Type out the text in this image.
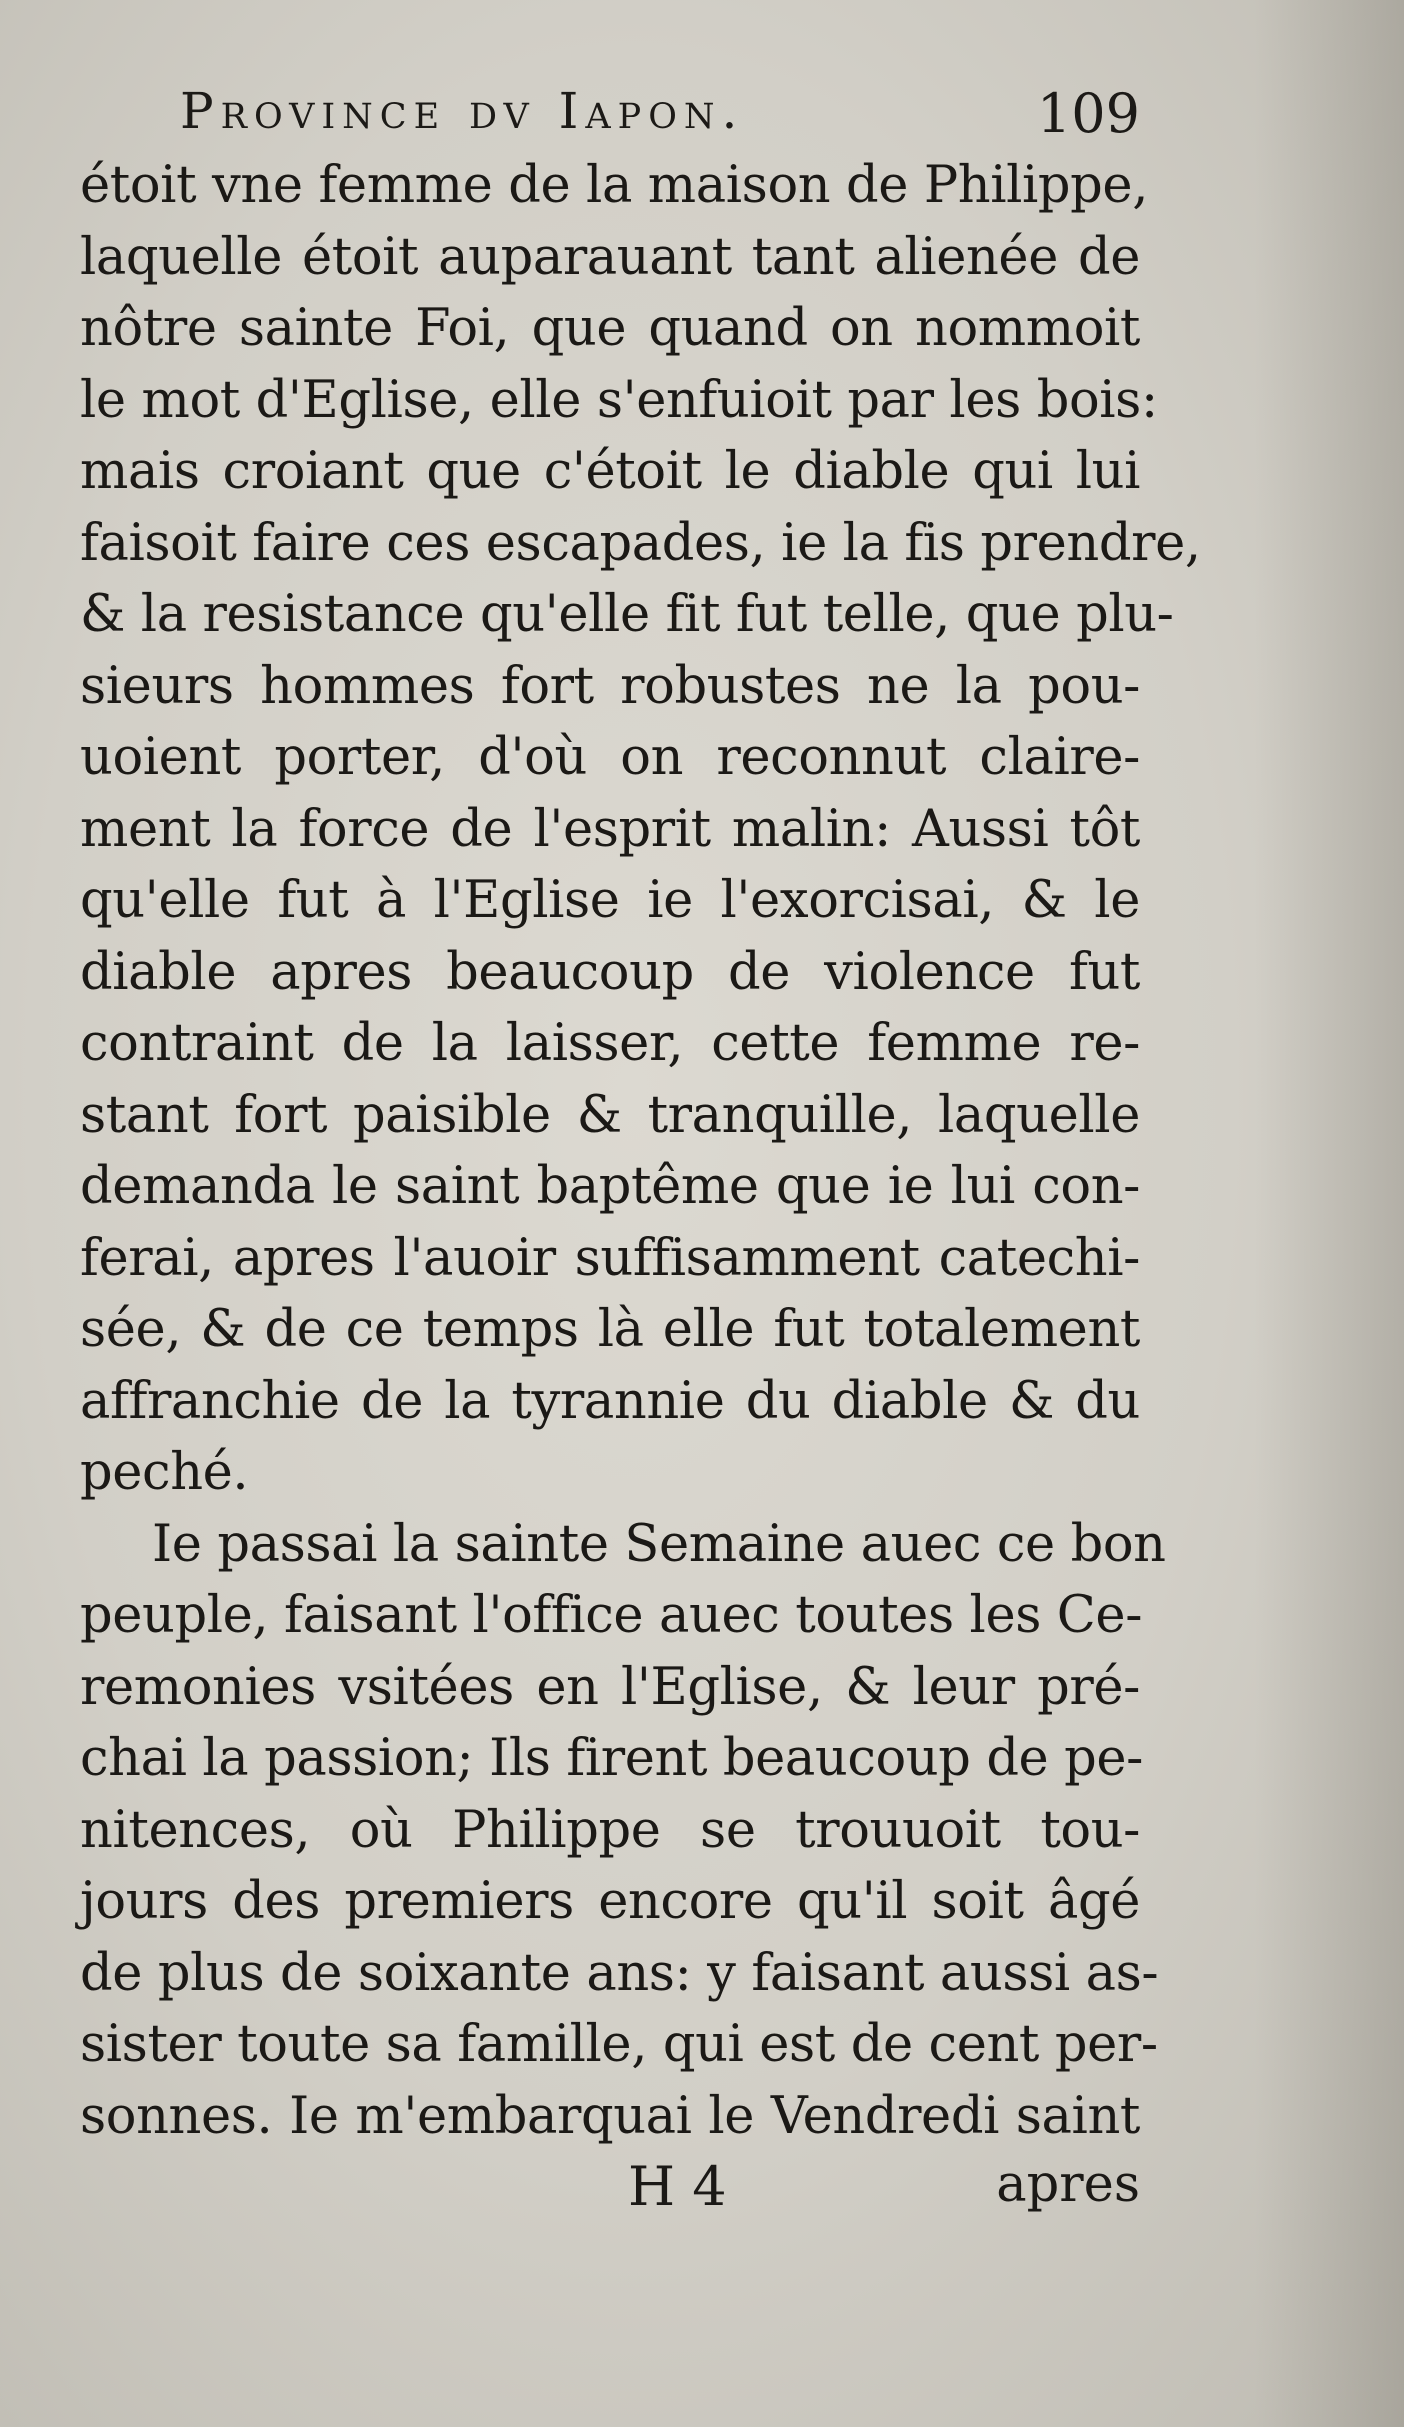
Province dv Iapon.	109
étoit vne femme de la maison de Philippe,
laquelle étoit auparauant tant alienée de
nôtre sainte Foi, que quand on nommoit
le mot d'Eglise, elle s'enfuioit par les bois:
mais croiant que c'étoit le diable qui lui
faisoit faire ces escapades, ie la fis prendre,
& la resistance qu'elle fit fut telle, que plu-
sieurs hommes fort robustes ne la pou-
uoient porter, d'où on reconnut claire-
ment la force de l'esprit malin: Aussi tôt
qu'elle fut à l'Eglise ie l'exorcisai, & le
diable apres beaucoup de violence fut
contraint de la laisser, cette femme re-
stant fort paisible & tranquille, laquelle
demanda le saint baptême que ie lui con-
ferai, apres l'auoir suffisamment catechi-
sée, & de ce temps là elle fut totalement
affranchie de la tyrannie du diable & du
peché.
Ie passai la sainte Semaine auec ce bon
peuple, faisant l'office auec toutes les Ce-
remonies vsitées en l'Eglise, & leur pré-
chai la passion; Ils firent beaucoup de pe-
nitences, où Philippe se trouuoit tou-
jours des premiers encore qu'il soit âgé
de plus de soixante ans: y faisant aussi as-
sister toute sa famille, qui est de cent per-
sonnes. Ie m'embarquai le Vendredi saint
H 4	apres
